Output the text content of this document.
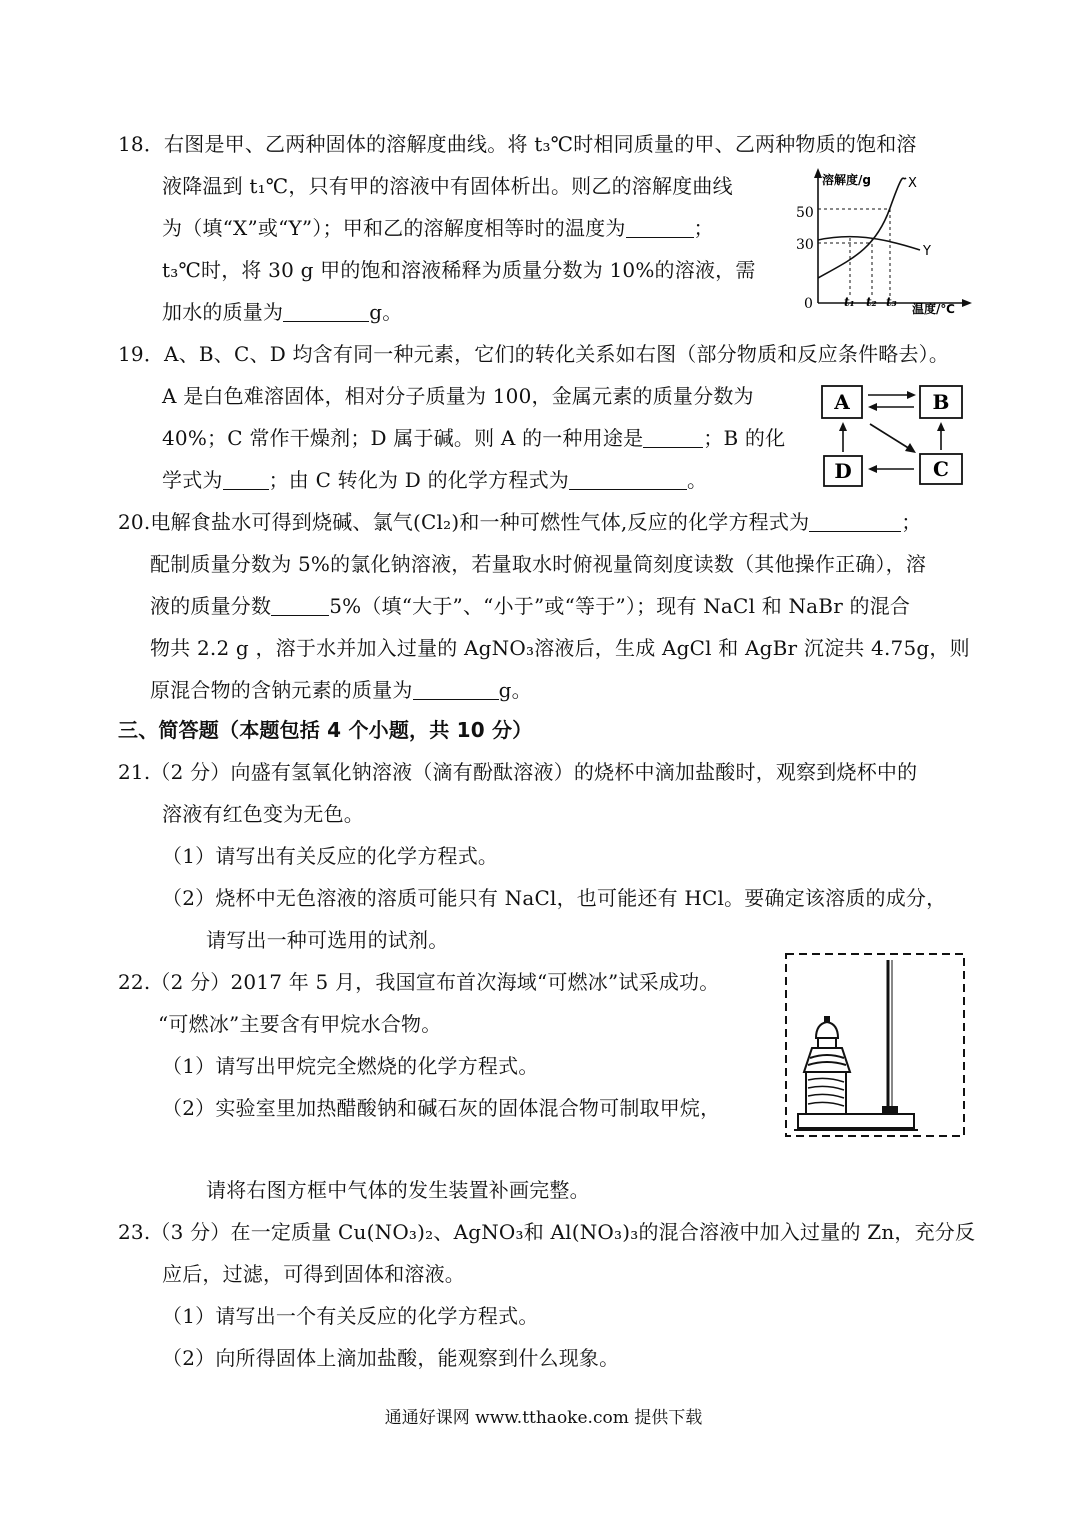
18．右图是甲、乙两种固体的溶解度曲线。将 t₃℃时相同质量的甲、乙两种物质的饱和溶
液降温到 t₁℃，只有甲的溶液中有固体析出。则乙的溶解度曲线
为（填“X”或“Y”）；甲和乙的溶解度相等时的温度为	；
t₃℃时，将 30 g 甲的饱和溶液稀释为质量分数为 10%的溶液，需
加水的质量为	g。
溶解度/g
温度/℃
50
30
0	t₁ t₂ t₃
X
Y
19．A、B、C、D 均含有同一种元素，它们的转化关系如右图（部分物质和反应条件略去）。
A 是白色难溶固体，相对分子质量为 100，金属元素的质量分数为
40%；C 常作干燥剂；D 属于碱。则 A 的一种用途是	；B 的化
学式为 ；由 C 转化为 D 的化学方程式为	。
A	B
D	C
20.电解食盐水可得到烧碱、氯气(Cl₂)和一种可燃性气体,反应的化学方程式为	；
配制质量分数为 5%的氯化钠溶液，若量取水时俯视量筒刻度读数（其他操作正确），溶
液的质量分数	5%（填“大于”、“小于”或“等于”）；现有 NaCl 和 NaBr 的混合
物共 2.2 g ，溶于水并加入过量的 AgNO₃溶液后，生成 AgCl 和 AgBr 沉淀共 4.75g，则
原混合物的含钠元素的质量为	g。
三、简答题（本题包括 4 个小题，共 10 分）
21.（2 分）向盛有氢氧化钠溶液（滴有酚酞溶液）的烧杯中滴加盐酸时，观察到烧杯中的
溶液有红色变为无色。
（1）请写出有关反应的化学方程式。
（2）烧杯中无色溶液的溶质可能只有 NaCl，也可能还有 HCl。要确定该溶质的成分，
请写出一种可选用的试剂。
22.（2 分）2017 年 5 月，我国宣布首次海域“可燃冰”试采成功。
“可燃冰”主要含有甲烷水合物。
（1）请写出甲烷完全燃烧的化学方程式。
（2）实验室里加热醋酸钠和碱石灰的固体混合物可制取甲烷，
请将右图方框中气体的发生装置补画完整。
23.（3 分）在一定质量 Cu(NO₃)₂、AgNO₃和 Al(NO₃)₃的混合溶液中加入过量的 Zn，充分反
应后，过滤，可得到固体和溶液。
（1）请写出一个有关反应的化学方程式。
（2）向所得固体上滴加盐酸，能观察到什么现象。
通通好课网 www.tthaoke.com 提供下载
